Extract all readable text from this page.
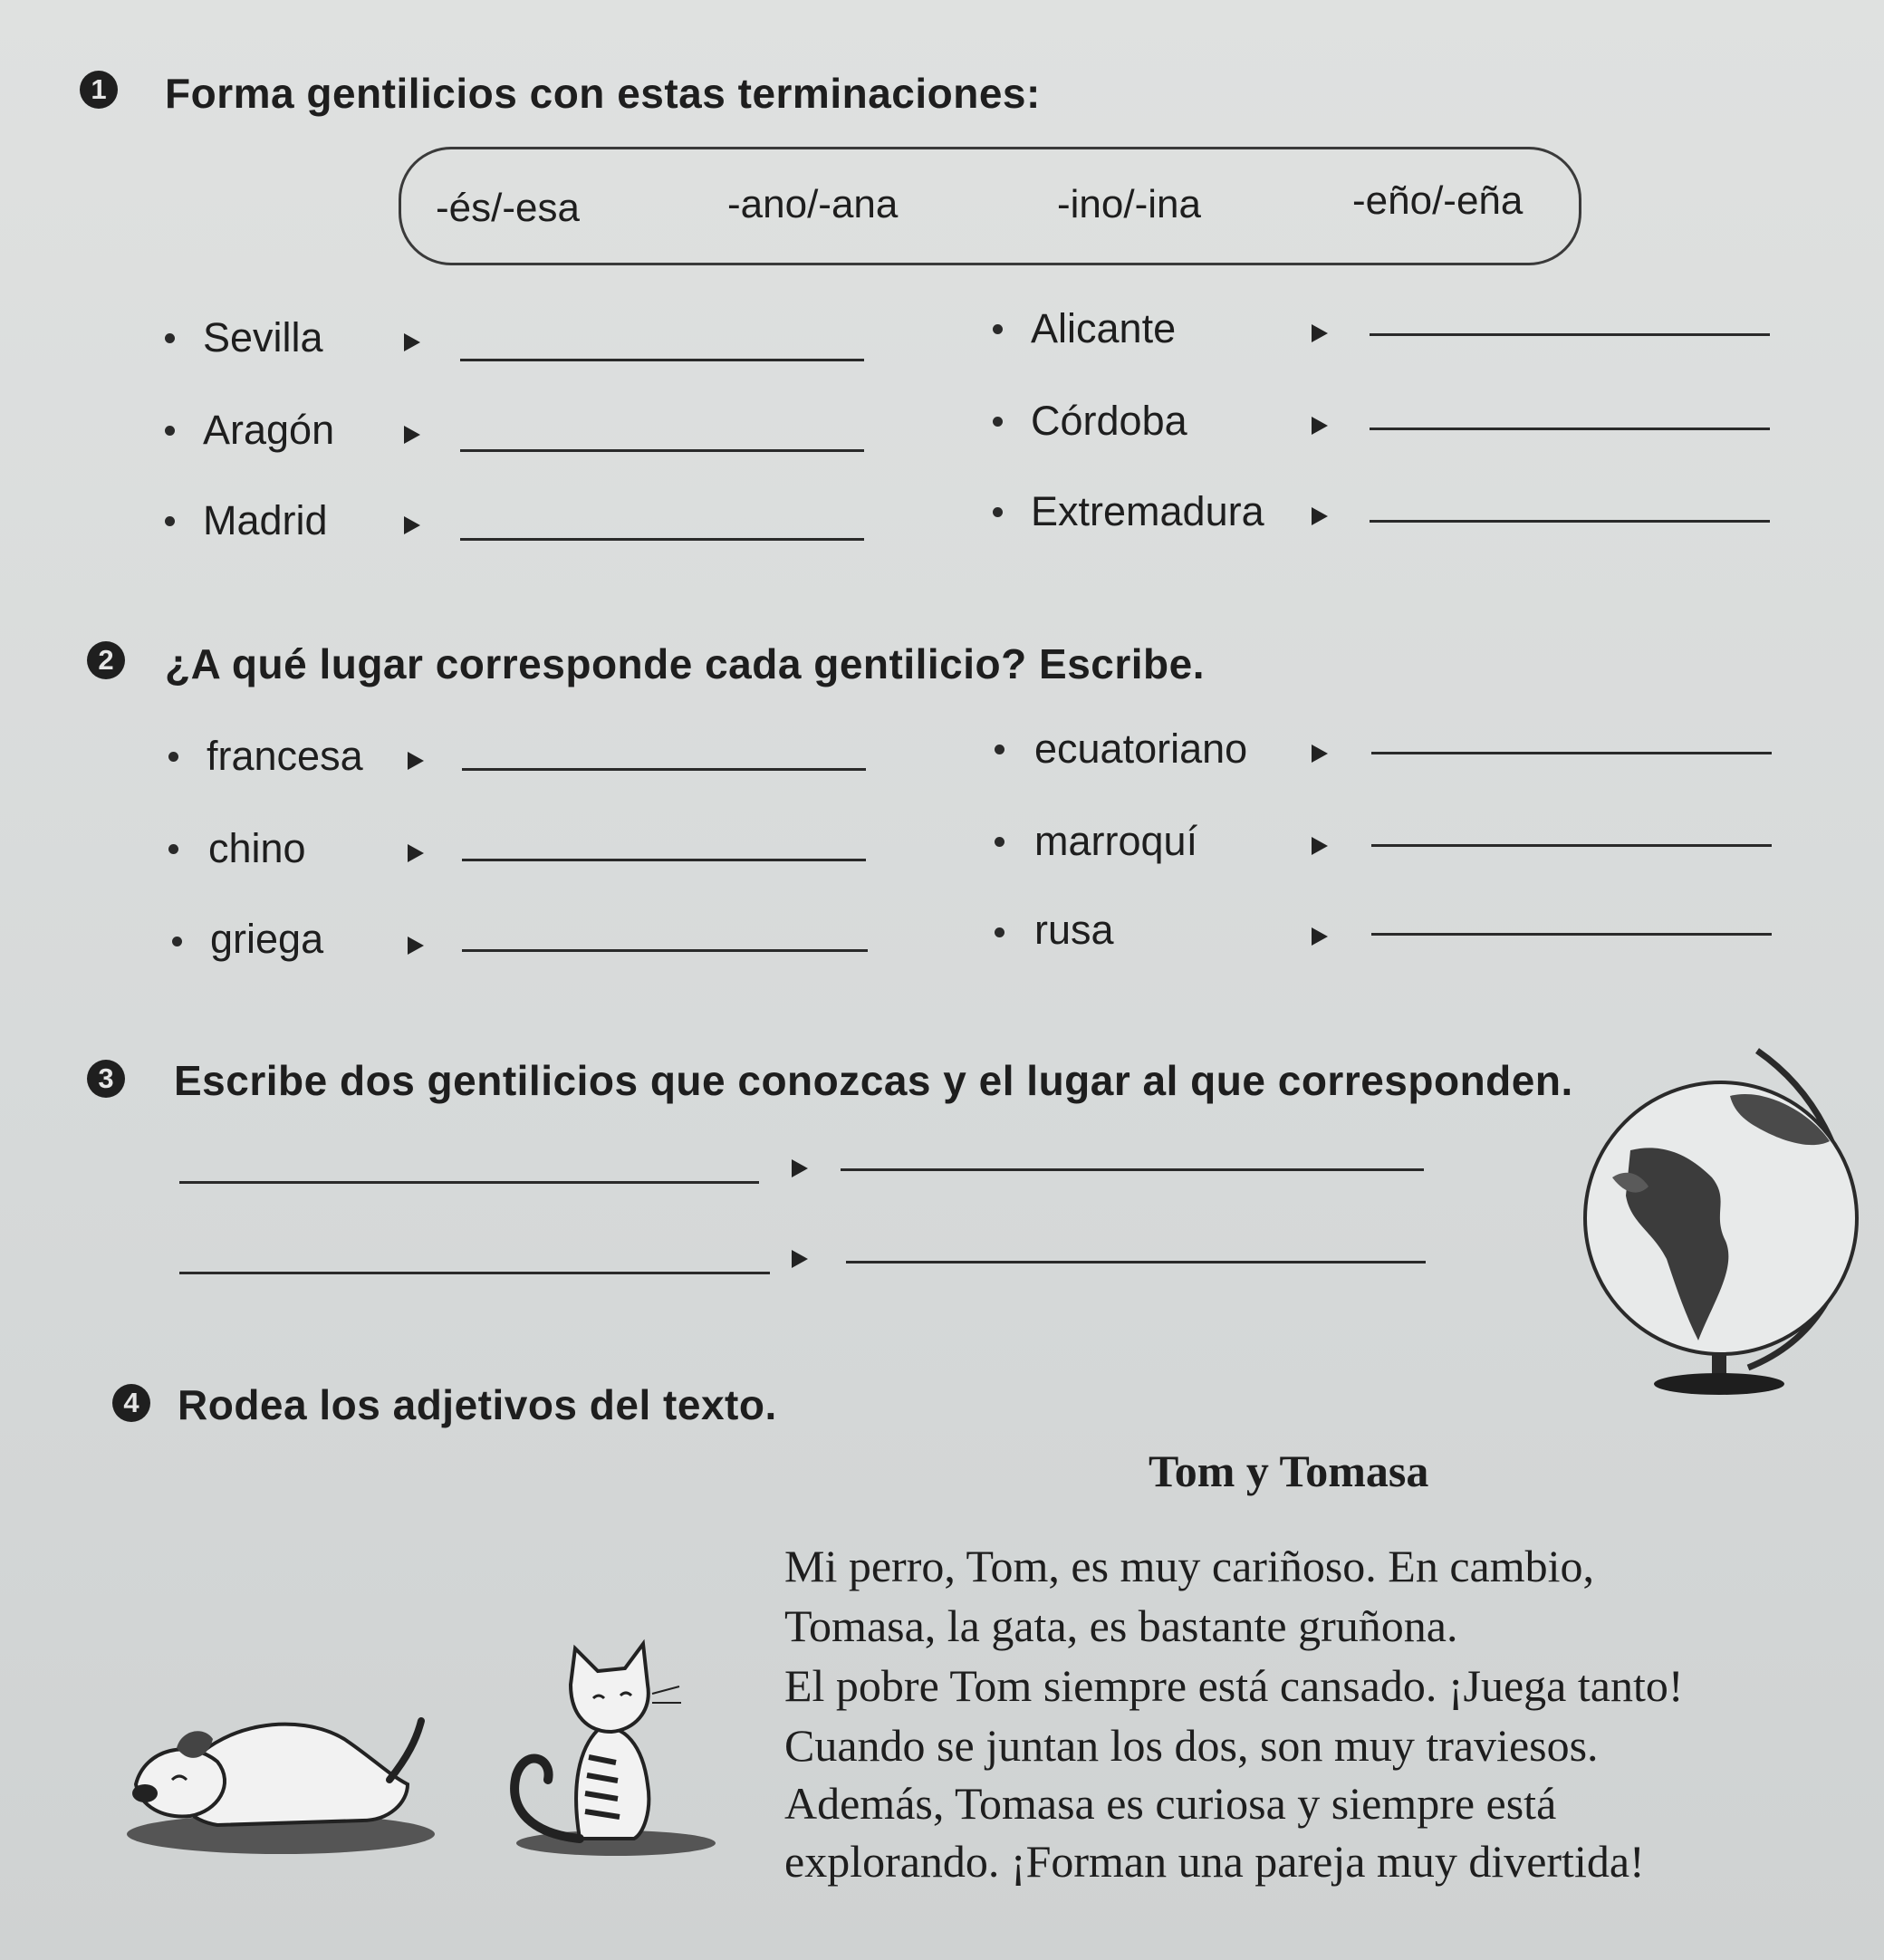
1 Forma gentilicios con estas terminaciones:
-és/-esa	-ano/-ana	-ino/-ina	-eño/-eña
Sevilla
Aragón
Madrid
Alicante
Córdoba
Extremadura
2 ¿A qué lugar corresponde cada gentilicio? Escribe.
francesa
chino
griega
ecuatoriano
marroquí
rusa
3 Escribe dos gentilicios que conozcas y el lugar al que corresponden.
4 Rodea los adjetivos del texto.
Tom y Tomasa
Mi perro, Tom, es muy cariñoso. En cambio,
Tomasa, la gata, es bastante gruñona.
El pobre Tom siempre está cansado. ¡Juega tanto!
Cuando se juntan los dos, son muy traviesos.
Además, Tomasa es curiosa y siempre está
explorando. ¡Forman una pareja muy divertida!
